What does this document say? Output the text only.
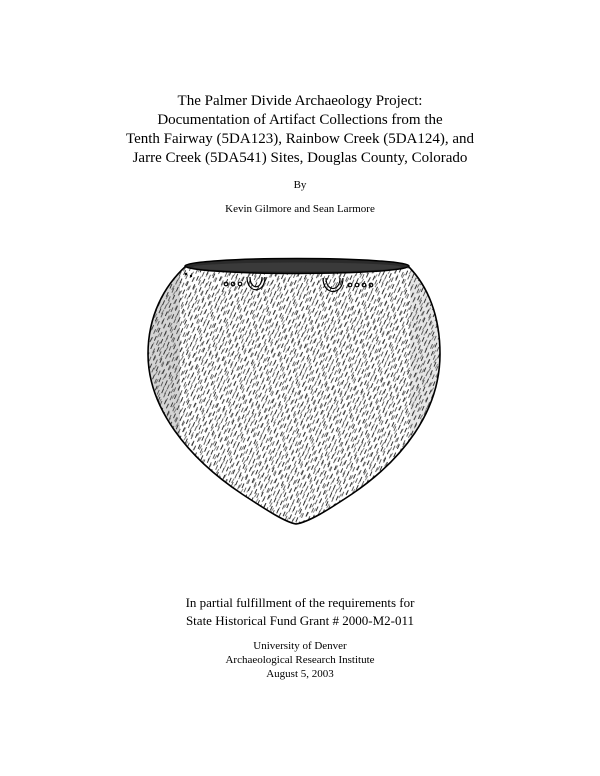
The Palmer Divide Archaeology Project:
Documentation of Artifact Collections from the
Tenth Fairway (5DA123), Rainbow Creek (5DA124), and
Jarre Creek (5DA541) Sites, Douglas County, Colorado
By
Kevin Gilmore and Sean Larmore
In partial fulfillment of the requirements for
State Historical Fund Grant # 2000-M2-011
University of Denver
Archaeological Research Institute
August 5, 2003
